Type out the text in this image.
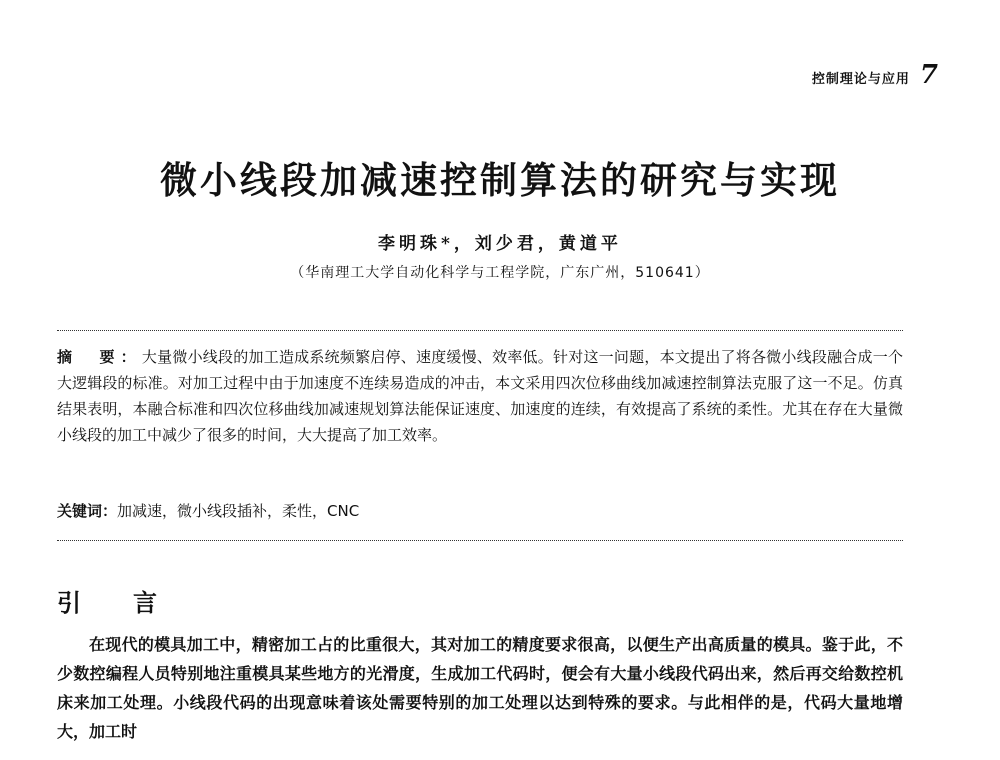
控制理论与应用 7
微小线段加减速控制算法的研究与实现
李明珠*，刘少君，黄道平
（华南理工大学自动化科学与工程学院，广东广州，510641）
摘　要：大量微小线段的加工造成系统频繁启停、速度缓慢、效率低。针对这一问题，本文提出了将各微小线段融合成一个大逻辑段的标准。对加工过程中由于加速度不连续易造成的冲击，本文采用四次位移曲线加减速控制算法克服了这一不足。仿真结果表明，本融合标准和四次位移曲线加减速规划算法能保证速度、加速度的连续，有效提高了系统的柔性。尤其在存在大量微小线段的加工中减少了很多的时间，大大提高了加工效率。
关键词：加减速，微小线段插补，柔性，CNC
引　言

在现代的模具加工中，精密加工占的比重很大，其对加工的精度要求很高，以便生产出高质量的模具。鉴于此，不少数控编程人员特别地注重模具某些地方的光滑度，生成加工代码时，便会有大量小线段代码出来，然后再交给数控机床来加工处理。小线段代码的出现意味着该处需要特别的加工处理以达到特殊的要求。与此相伴的是，代码大量地增大，加工时
